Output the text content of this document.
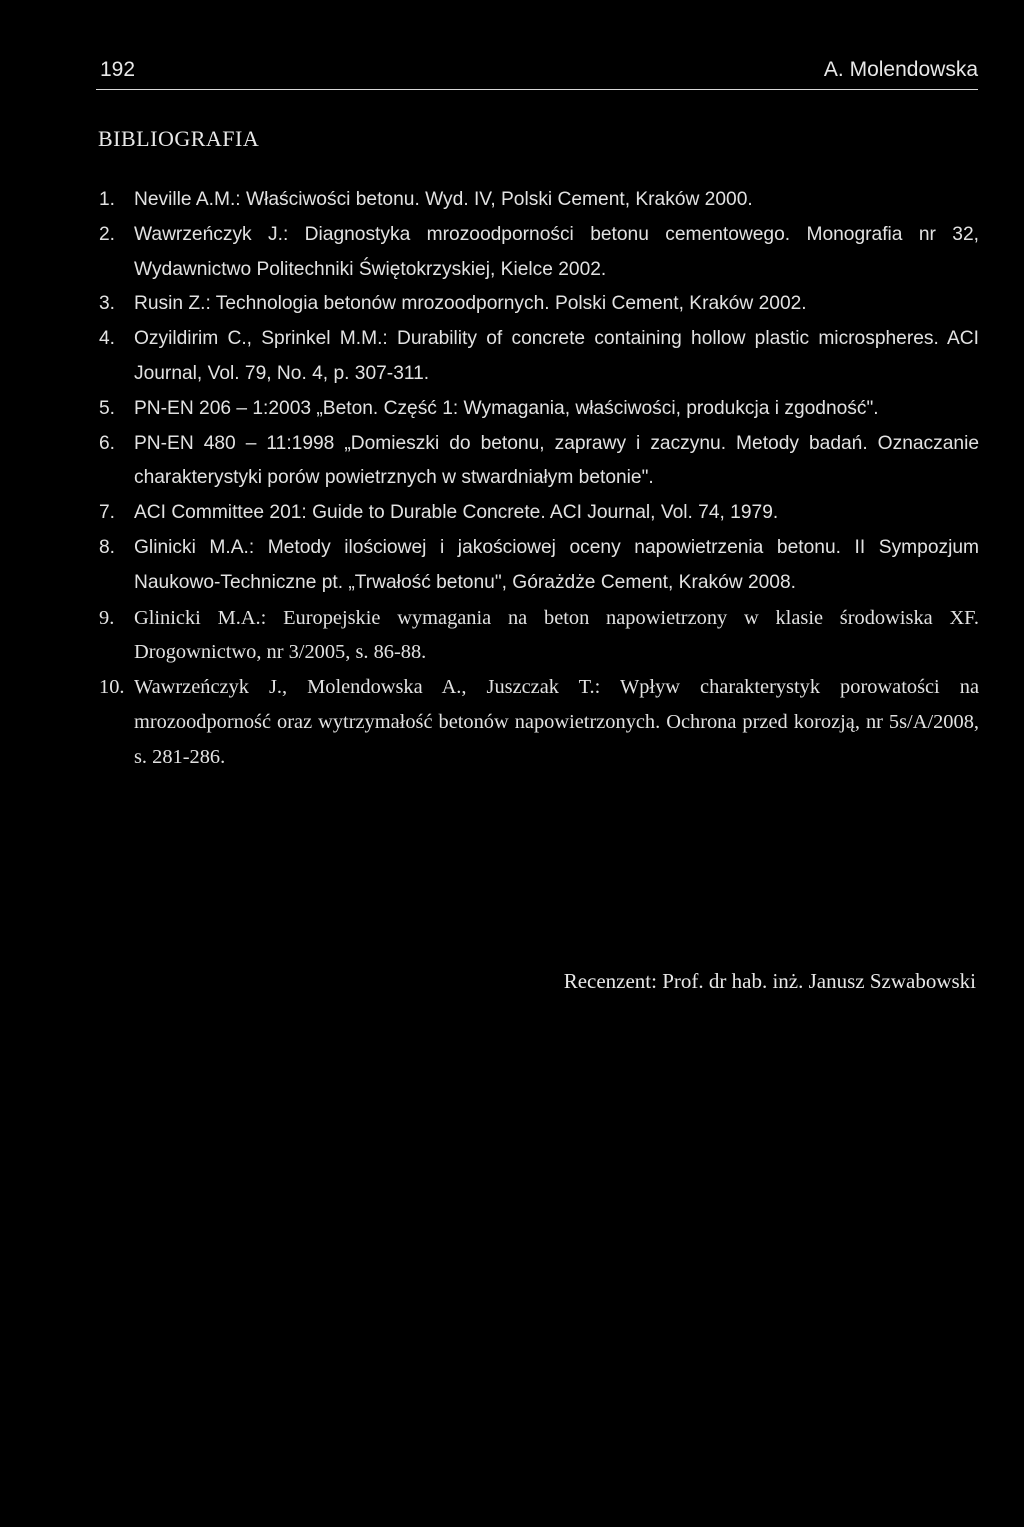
192	A. Molendowska
BIBLIOGRAFIA
1. Neville A.M.: Właściwości betonu. Wyd. IV, Polski Cement, Kraków 2000.
2. Wawrzeńczyk J.: Diagnostyka mrozoodporności betonu cementowego. Monografia nr 32, Wydawnictwo Politechniki Świętokrzyskiej, Kielce 2002.
3. Rusin Z.: Technologia betonów mrozoodpornych. Polski Cement, Kraków 2002.
4. Ozyildirim C., Sprinkel M.M.: Durability of concrete containing hollow plastic microspheres. ACI Journal, Vol. 79, No. 4, p. 307-311.
5. PN-EN 206 – 1:2003 „Beton. Część 1: Wymagania, właściwości, produkcja i zgodność".
6. PN-EN 480 – 11:1998 „Domieszki do betonu, zaprawy i zaczynu. Metody badań. Oznaczanie charakterystyki porów powietrznych w stwardniałym betonie".
7. ACI Committee 201: Guide to Durable Concrete. ACI Journal, Vol. 74, 1979.
8. Glinicki M.A.: Metody ilościowej i jakościowej oceny napowietrzenia betonu. II Sympozjum Naukowo-Techniczne pt. „Trwałość betonu", Górażdże Cement, Kraków 2008.
9. Glinicki M.A.: Europejskie wymagania na beton napowietrzony w klasie środowiska XF. Drogownictwo, nr 3/2005, s. 86-88.
10. Wawrzeńczyk J., Molendowska A., Juszczak T.: Wpływ charakterystyk porowatości na mrozoodporność oraz wytrzymałość betonów napowietrzonych. Ochrona przed korozją, nr 5s/A/2008, s. 281-286.
Recenzent: Prof. dr hab. inż. Janusz Szwabowski
